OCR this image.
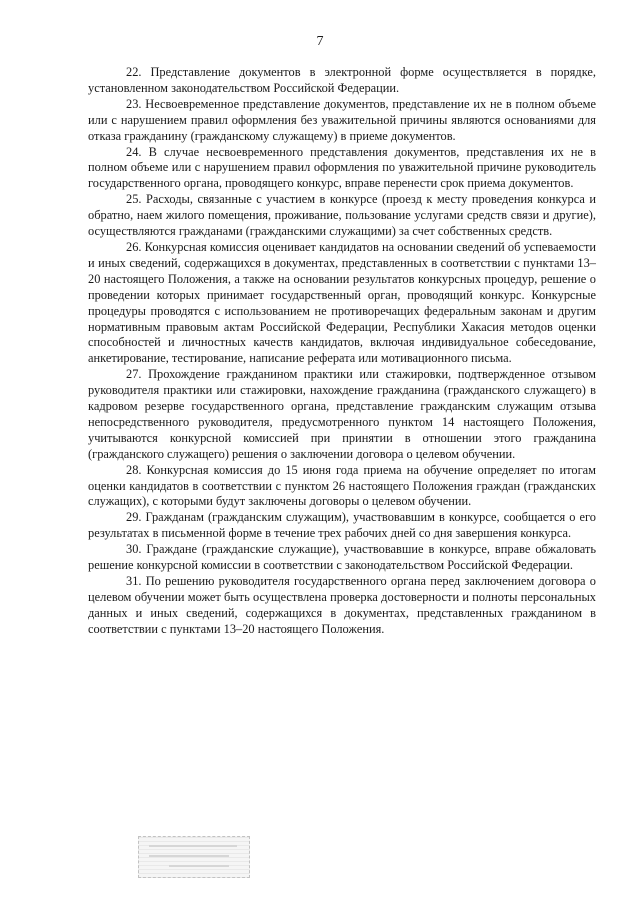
7

22. Представление документов в электронной форме осуществляется в порядке, установленном законодательством Российской Федерации.

23. Несвоевременное представление документов, представление их не в полном объеме или с нарушением правил оформления без уважительной причины являются основаниями для отказа гражданину (гражданскому служащему) в приеме документов.

24. В случае несвоевременного представления документов, представления их не в полном объеме или с нарушением правил оформления по уважительной причине руководитель государственного органа, проводящего конкурс, вправе перенести срок приема документов.

25. Расходы, связанные с участием в конкурсе (проезд к месту проведения конкурса и обратно, наем жилого помещения, проживание, пользование услугами средств связи и другие), осуществляются гражданами (гражданскими служащими) за счет собственных средств.

26. Конкурсная комиссия оценивает кандидатов на основании сведений об успеваемости и иных сведений, содержащихся в документах, представленных в соответствии с пунктами 13–20 настоящего Положения, а также на основании результатов конкурсных процедур, решение о проведении которых принимает государственный орган, проводящий конкурс. Конкурсные процедуры проводятся с использованием не противоречащих федеральным законам и другим нормативным правовым актам Российской Федерации, Республики Хакасия методов оценки способностей и личностных качеств кандидатов, включая индивидуальное собеседование, анкетирование, тестирование, написание реферата или мотивационного письма.

27. Прохождение гражданином практики или стажировки, подтвержденное отзывом руководителя практики или стажировки, нахождение гражданина (гражданского служащего) в кадровом резерве государственного органа, представление гражданским служащим отзыва непосредственного руководителя, предусмотренного пунктом 14 настоящего Положения, учитываются конкурсной комиссией при принятии в отношении этого гражданина (гражданского служащего) решения о заключении договора о целевом обучении.

28. Конкурсная комиссия до 15 июня года приема на обучение определяет по итогам оценки кандидатов в соответствии с пунктом 26 настоящего Положения граждан (гражданских служащих), с которыми будут заключены договоры о целевом обучении.

29. Гражданам (гражданским служащим), участвовавшим в конкурсе, сообщается о его результатах в письменной форме в течение трех рабочих дней со дня завершения конкурса.

30. Граждане (гражданские служащие), участвовавшие в конкурсе, вправе обжаловать решение конкурсной комиссии в соответствии с законодательством Российской Федерации.

31. По решению руководителя государственного органа перед заключением договора о целевом обучении может быть осуществлена проверка достоверности и полноты персональных данных и иных сведений, содержащихся в документах, представленных гражданином в соответствии с пунктами 13–20 настоящего Положения.
